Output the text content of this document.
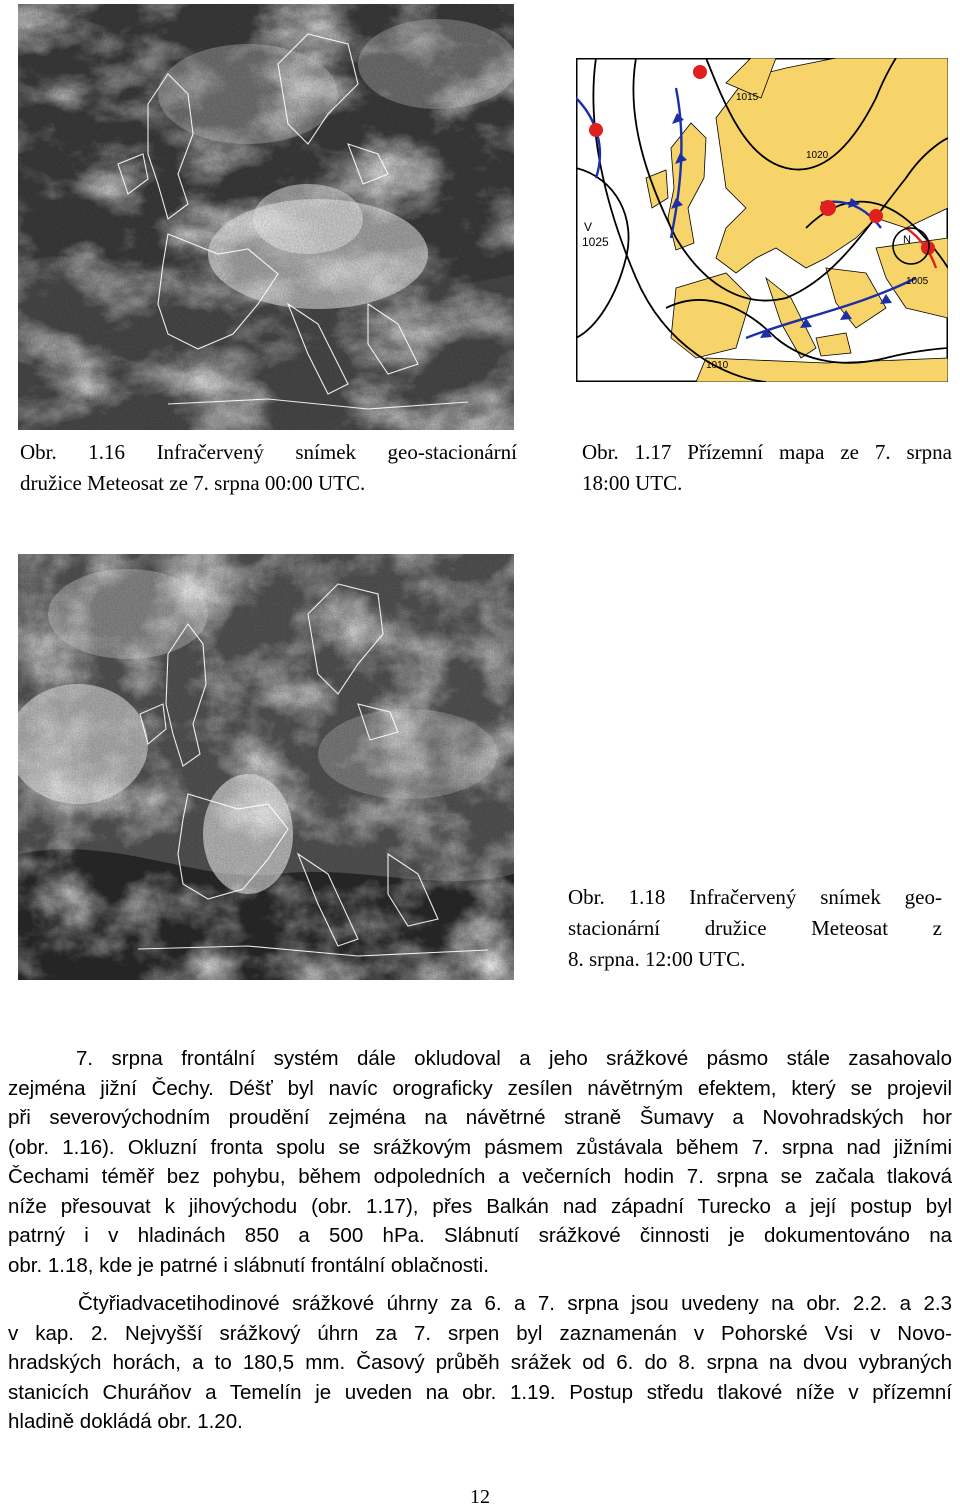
N
V
1025
1015
1020
1010
1005
Obr. 1.16 Infračervený snímek geo-stacionární
družice Meteosat ze 7. srpna 00:00 UTC.
Obr. 1.17 Přízemní mapa ze 7. srpna
18:00 UTC.
Obr. 1.18 Infračervený snímek geo-
stacionární družice Meteosat z
8. srpna. 12:00 UTC.
7. srpna frontální systém dále okludoval a jeho srážkové pásmo stále zasahovalo
zejména jižní Čechy. Déšť byl navíc orograficky zesílen návětrným efektem, který se projevil
při severovýchodním proudění zejména na návětrné straně Šumavy a Novohradských hor
(obr. 1.16). Okluzní fronta spolu se srážkovým pásmem zůstávala během 7. srpna nad jižními
Čechami téměř bez pohybu, během odpoledních a večerních hodin 7. srpna se začala tlaková
níže přesouvat k jihovýchodu (obr. 1.17), přes Balkán nad západní Turecko a její postup byl
patrný i v hladinách 850 a 500 hPa. Slábnutí srážkové činnosti je dokumentováno na
obr. 1.18, kde je patrné i slábnutí frontální oblačnosti.
Čtyřiadvacetihodinové srážkové úhrny za 6. a 7. srpna jsou uvedeny na obr. 2.2. a 2.3
v kap. 2. Nejvyšší srážkový úhrn za 7. srpen byl zaznamenán v Pohorské Vsi v Novo-
hradských horách, a to 180,5 mm. Časový průběh srážek od 6. do 8. srpna na dvou vybraných
stanicích Churáňov a Temelín je uveden na obr. 1.19. Postup středu tlakové níže v přízemní
hladině dokládá obr. 1.20.
12
